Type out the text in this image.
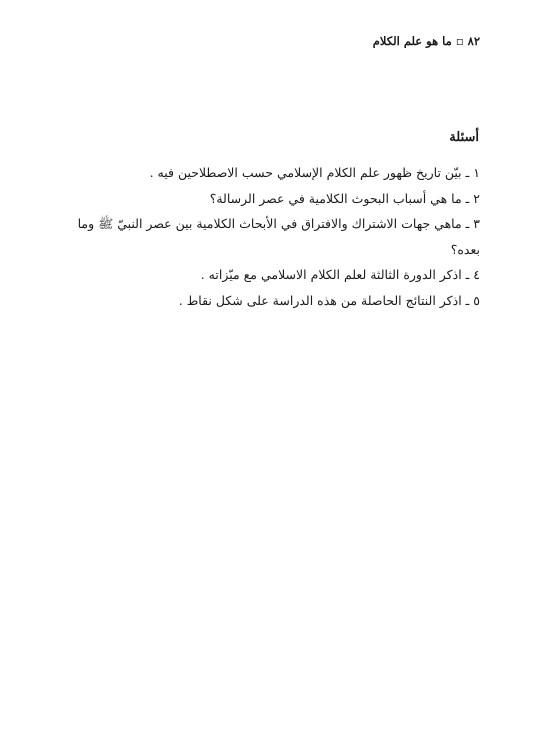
٨٢ ▫ ما هو علم الكلام
أسئلة
١ ـ بيّن تاريخ ظهور علم الكلام الإسلامي حسب الاصطلاحين فيه .
٢ ـ ما هي أسباب البحوث الكلامية في عصر الرسالة؟
٣ ـ ماهي جهات الاشتراك والافتراق في الأبحاث الكلامية بين عصر النبيّ ﷺ وما بعده؟
٤ ـ اذكر الدورة الثالثة لعلم الكلام الاسلامي مع ميّزاته .
٥ ـ اذكر النتائج الحاصلة من هذه الدراسة على شكل نقاط .
